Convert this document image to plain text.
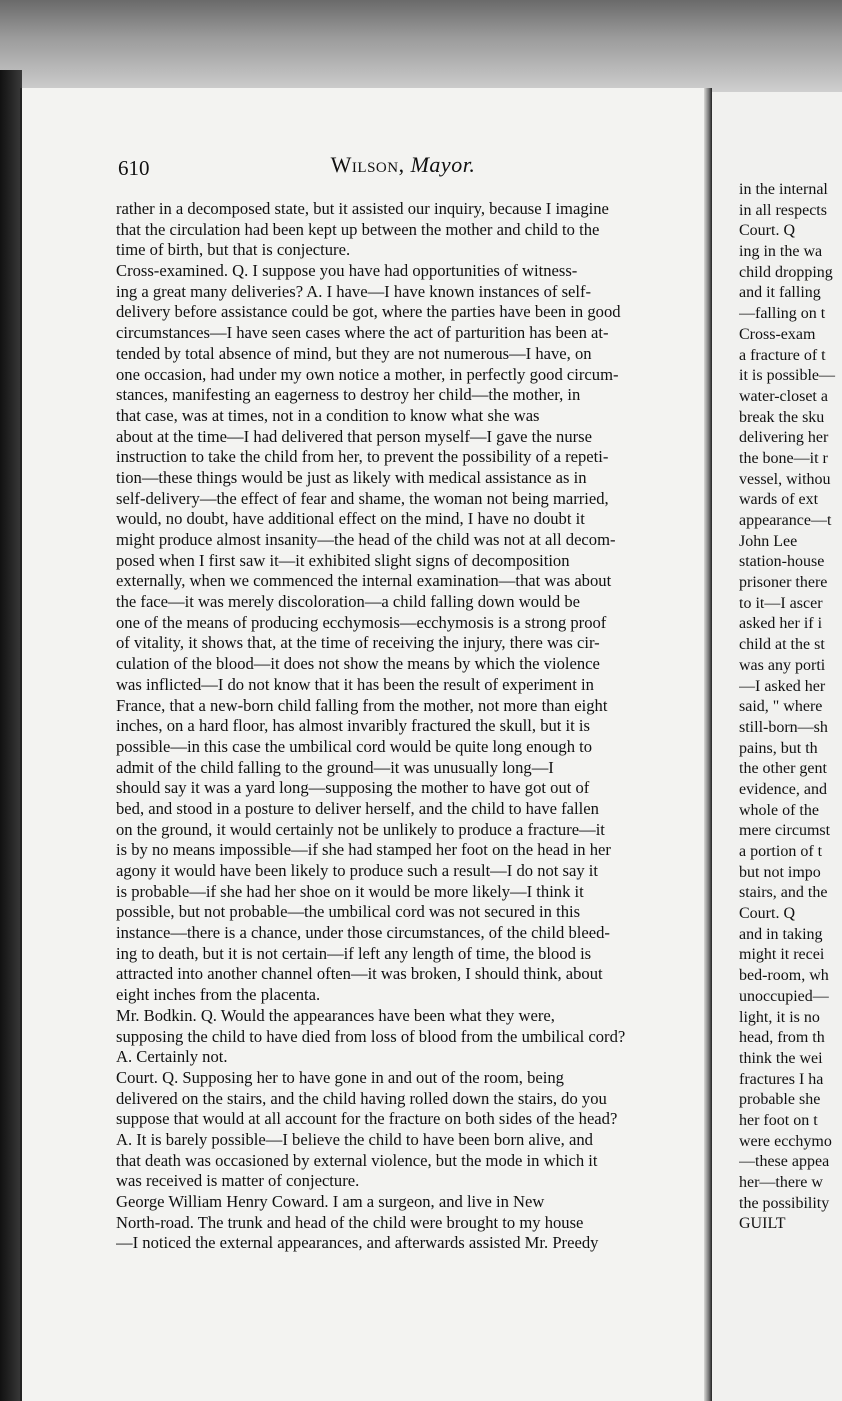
610	Wilson, Mayor.
rather in a decomposed state, but it assisted our inquiry, because I imagine
that the circulation had been kept up between the mother and child to the
time of birth, but that is conjecture.
Cross-examined. Q. I suppose you have had opportunities of witness-
ing a great many deliveries? A. I have—I have known instances of self-
delivery before assistance could be got, where the parties have been in good
circumstances—I have seen cases where the act of parturition has been at-
tended by total absence of mind, but they are not numerous—I have, on
one occasion, had under my own notice a mother, in perfectly good circum-
stances, manifesting an eagerness to destroy her child—the mother, in
that case, was at times, not in a condition to know what she was
about at the time—I had delivered that person myself—I gave the nurse
instruction to take the child from her, to prevent the possibility of a repeti-
tion—these things would be just as likely with medical assistance as in
self-delivery—the effect of fear and shame, the woman not being married,
would, no doubt, have additional effect on the mind, I have no doubt it
might produce almost insanity—the head of the child was not at all decom-
posed when I first saw it—it exhibited slight signs of decomposition
externally, when we commenced the internal examination—that was about
the face—it was merely discoloration—a child falling down would be
one of the means of producing ecchymosis—ecchymosis is a strong proof
of vitality, it shows that, at the time of receiving the injury, there was cir-
culation of the blood—it does not show the means by which the violence
was inflicted—I do not know that it has been the result of experiment in
France, that a new-born child falling from the mother, not more than eight
inches, on a hard floor, has almost invaribly fractured the skull, but it is
possible—in this case the umbilical cord would be quite long enough to
admit of the child falling to the ground—it was unusually long—I
should say it was a yard long—supposing the mother to have got out of
bed, and stood in a posture to deliver herself, and the child to have fallen
on the ground, it would certainly not be unlikely to produce a fracture—it
is by no means impossible—if she had stamped her foot on the head in her
agony it would have been likely to produce such a result—I do not say it
is probable—if she had her shoe on it would be more likely—I think it
possible, but not probable—the umbilical cord was not secured in this
instance—there is a chance, under those circumstances, of the child bleed-
ing to death, but it is not certain—if left any length of time, the blood is
attracted into another channel often—it was broken, I should think, about
eight inches from the placenta.
Mr. Bodkin. Q. Would the appearances have been what they were,
supposing the child to have died from loss of blood from the umbilical cord?
A. Certainly not.
Court. Q. Supposing her to have gone in and out of the room, being
delivered on the stairs, and the child having rolled down the stairs, do you
suppose that would at all account for the fracture on both sides of the head?
A. It is barely possible—I believe the child to have been born alive, and
that death was occasioned by external violence, but the mode in which it
was received is matter of conjecture.
George William Henry Coward. I am a surgeon, and live in New
North-road. The trunk and head of the child were brought to my house
—I noticed the external appearances, and afterwards assisted Mr. Preedy
in the internal
in all respects
Court. Q
ing in the wa
child dropping
and it falling
—falling on t
Cross-exam
a fracture of t
it is possible—
water-closet a
break the sku
delivering her
the bone—it r
vessel, withou
wards of ext
appearance—t
John Lee
station-house
prisoner there
to it—I ascer
asked her if i
child at the st
was any porti
—I asked her
said, " where
still-born—sh
pains, but th
the other gent
evidence, and
whole of the
mere circumst
a portion of t
but not impo
stairs, and the
Court. Q
and in taking
might it recei
bed-room, wh
unoccupied—
light, it is no
head, from th
think the wei
fractures I ha
probable she
her foot on t
were ecchymo
—these appea
her—there w
the possibility
GUILT
